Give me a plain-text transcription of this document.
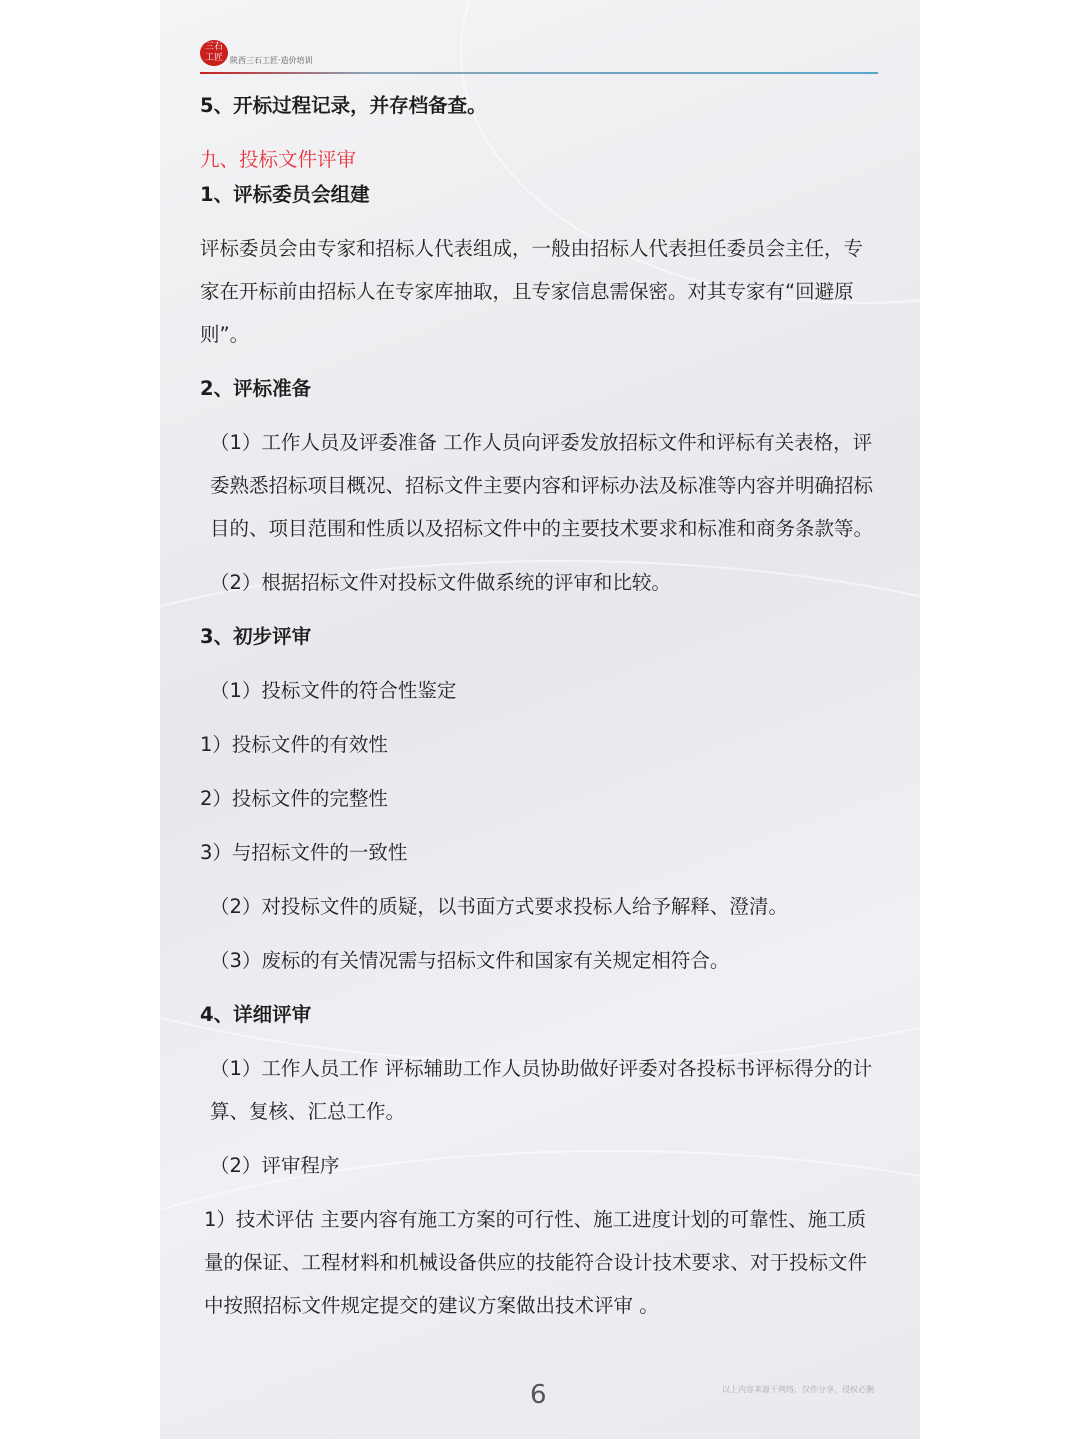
三石
工匠 陕西三石工匠·造价培训

5、开标过程记录，并存档备查。

九、投标文件评审

1、评标委员会组建

评标委员会由专家和招标人代表组成，一般由招标人代表担任委员会主任，专家在开标前由招标人在专家库抽取，且专家信息需保密。对其专家有“回避原则”。

2、评标准备

（1）工作人员及评委准备 工作人员向评委发放招标文件和评标有关表格，评委熟悉招标项目概况、招标文件主要内容和评标办法及标准等内容并明确招标目的、项目范围和性质以及招标文件中的主要技术要求和标准和商务条款等。

（2）根据招标文件对投标文件做系统的评审和比较。

3、初步评审

（1）投标文件的符合性鉴定

1）投标文件的有效性

2）投标文件的完整性

3）与招标文件的一致性

（2）对投标文件的质疑，以书面方式要求投标人给予解释、澄清。

（3）废标的有关情况需与招标文件和国家有关规定相符合。

4、详细评审

（1）工作人员工作 评标辅助工作人员协助做好评委对各投标书评标得分的计算、复核、汇总工作。

（2）评审程序

1）技术评估 主要内容有施工方案的可行性、施工进度计划的可靠性、施工质量的保证、工程材料和机械设备供应的技能符合设计技术要求、对于投标文件中按照招标文件规定提交的建议方案做出技术评审 。

6	以上内容来源于网络，仅作分享，侵权必删
